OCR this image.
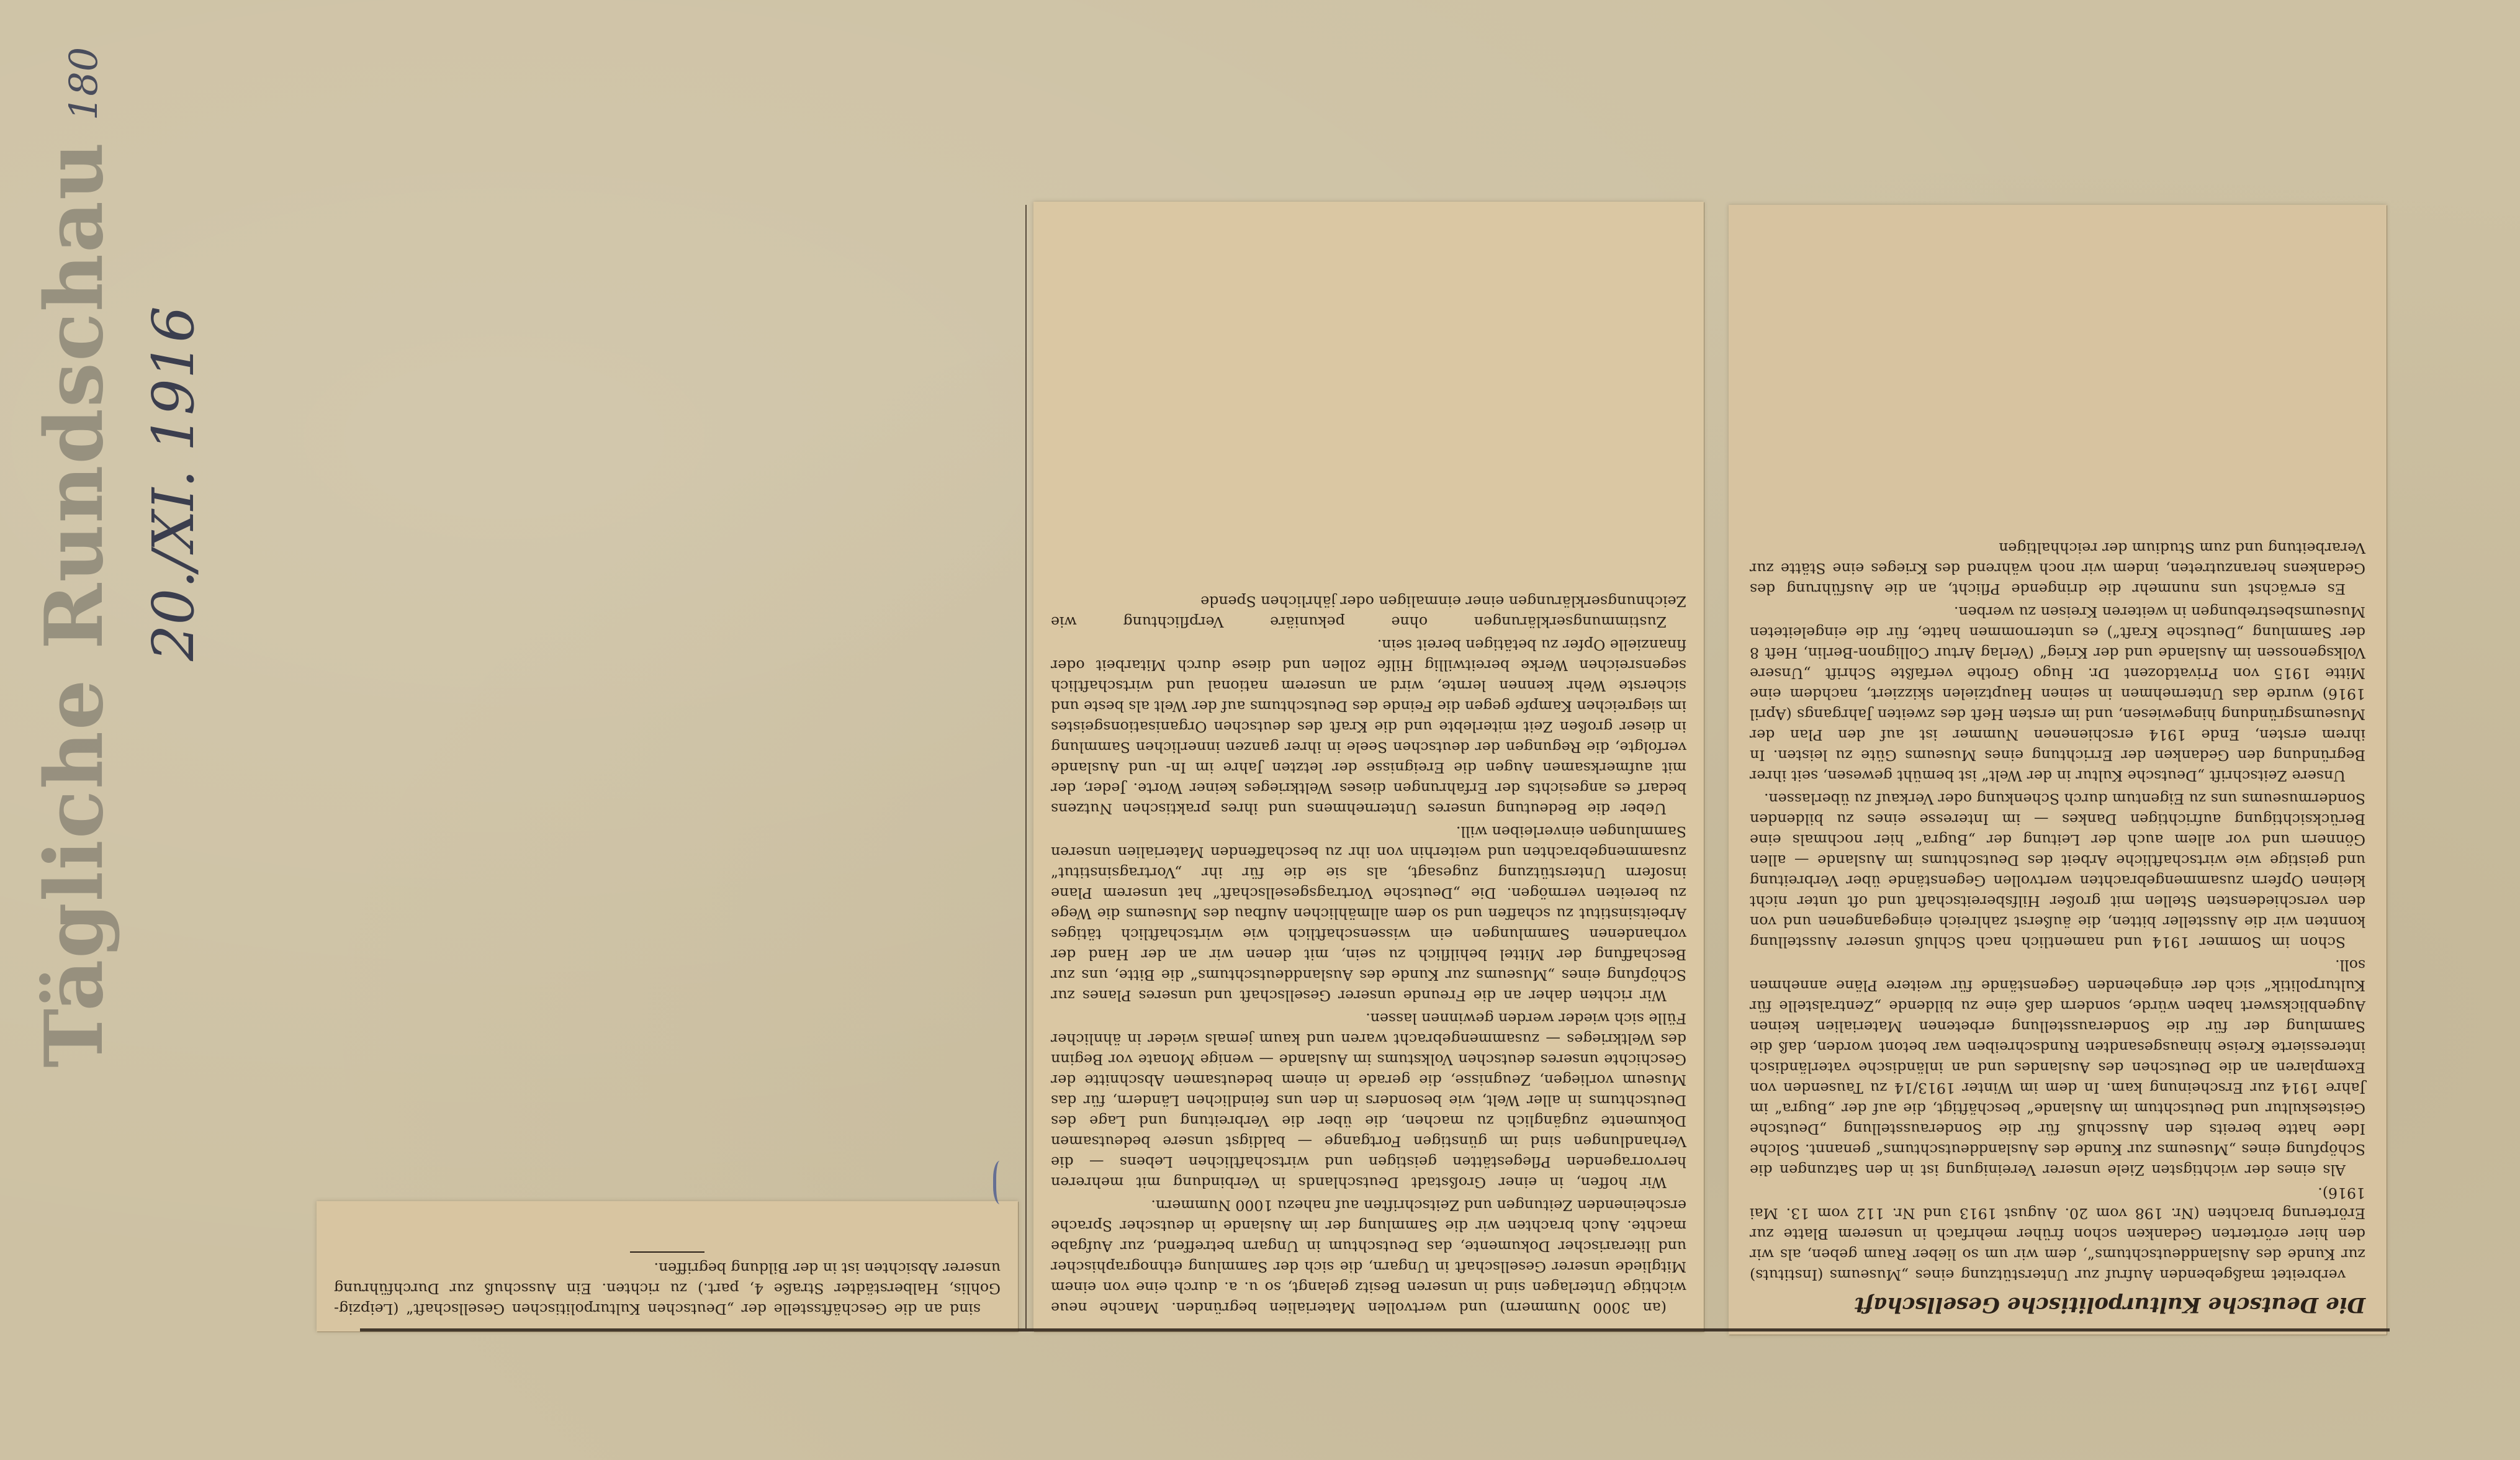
180
Tägliche Rundschau 20./XI. 1916
Die Deutsche Kulturpolitische Gesellschaft

verbreitet maßgebenden Aufruf zur Unterstützung eines „Museums (Instituts) zur Kunde des Auslanddeutschtums“, dem wir um so lieber Raum geben, als wir den hier erörterten Gedanken schon früher mehrfach in unserem Blatte zur Erörterung brachten (Nr. 198 vom 20. August 1913 und Nr. 112 vom 13. Mai 1916).

Als eines der wichtigsten Ziele unserer Vereinigung ist in den Satzungen die Schöpfung eines „Museums zur Kunde des Auslanddeutschtums“ genannt. Solche Idee hatte bereits den Ausschuß für die Sonderausstellung „Deutsche Geisteskultur und Deutschtum im Auslande“ beschäftigt, die auf der „Bugra“ im Jahre 1914 zur Erscheinung kam. In dem im Winter 1913/14 zu Tausenden von Exemplaren an die Deutschen des Auslandes und an inländische vaterländisch interessierte Kreise hinausgesandten Rundschreiben war betont worden, daß die Sammlung der für die Sonderausstellung erbetenen Materialien keinen Augenblickswert haben würde, sondern daß eine zu bildende „Zentralstelle für Kulturpolitik“ sich der eingehenden Gegenstände für weitere Pläne annehmen soll.

Schon im Sommer 1914 und namentlich nach Schluß unserer Ausstellung konnten wir die Aussteller bitten, die äußerst zahlreich eingegangenen und von den verschiedensten Stellen mit großer Hilfsbereitschaft und oft unter nicht kleinen Opfern zusammengebrachten wertvollen Gegenstände über Verbreitung und geistige wie wirtschaftliche Arbeit des Deutschtums im Auslande — allen Gönnern und vor allem auch der Leitung der „Bugra“ hier nochmals eine Berücksichtigung aufrichtigen Dankes — im Interesse eines zu bildenden Sondermuseums uns zu Eigentum durch Schenkung oder Verkauf zu überlassen.

Unsere Zeitschrift „Deutsche Kultur in der Welt“ ist bemüht gewesen, seit ihrer Begründung den Gedanken der Errichtung eines Museums Güte zu leisten. In ihrem ersten, Ende 1914 erschienenen Nummer ist auf den Plan der Museumsgründung hingewiesen, und im ersten Heft des zweiten Jahrgangs (April 1916) wurde das Unternehmen in seinen Hauptzielen skizziert, nachdem eine Mitte 1915 von Privatdozent Dr. Hugo Grothe verfaßte Schrift „Unsere Volksgenossen im Auslande und der Krieg“ (Verlag Artur Collignon-Berlin, Heft 8 der Sammlung „Deutsche Kraft“) es unternommen hatte, für die eingeleiteten Museumsbestrebungen in weiteren Kreisen zu werben.

Es erwächst uns nunmehr die dringende Pflicht, an die Ausführung des Gedankens heranzutreten, indem wir noch während des Krieges eine Stätte zur Verarbeitung und zum Studium der reichhaltigen

(an 3000 Nummern) und wertvollen Materialien begründen. Manche neue wichtige Unterlagen sind in unseren Besitz gelangt, so u. a. durch eine von einem Mitgliede unserer Gesellschaft in Ungarn, die sich der Sammlung ethnographischer und literarischer Dokumente, das Deutschtum in Ungarn betreffend, zur Aufgabe machte. Auch brachten wir die Sammlung der im Auslande in deutscher Sprache erscheinenden Zeitungen und Zeitschriften auf nahezu 1000 Nummern.

Wir hoffen, in einer Großstadt Deutschlands in Verbindung mit mehreren hervorragenden Pflegestätten geistigen und wirtschaftlichen Lebens — die Verhandlungen sind im günstigen Fortgange — baldigst unsere bedeutsamen Dokumente zugänglich zu machen, die über die Verbreitung und Lage des Deutschtums in aller Welt, wie besonders in den uns feindlichen Ländern, für das Museum vorliegen, Zeugnisse, die gerade in einem bedeutsamen Abschnitte der Geschichte unseres deutschen Volkstums im Auslande — wenige Monate vor Beginn des Weltkrieges — zusammengebracht waren und kaum jemals wieder in ähnlicher Fülle sich wieder werden gewinnen lassen.

Wir richten daher an die Freunde unserer Gesellschaft und unseres Planes zur Schöpfung eines „Museums zur Kunde des Auslanddeutschtums“ die Bitte, uns zur Beschaffung der Mittel behilflich zu sein, mit denen wir an der Hand der vorhandenen Sammlungen ein wissenschaftlich wie wirtschaftlich tätiges Arbeitsinstitut zu schaffen und so dem allmählichen Aufbau des Museums die Wege zu bereiten vermögen. Die „Deutsche Vortragsgesellschaft“ hat unserem Plane insofern Unterstützung zugesagt, als sie die für ihr „Vortragsinstitut“ zusammengebrachten und weiterhin von ihr zu beschaffenden Materialien unseren Sammlungen einverleiben will.

Ueber die Bedeutung unseres Unternehmens und ihres praktischen Nutzens bedarf es angesichts der Erfahrungen dieses Weltkrieges keiner Worte. Jeder, der mit aufmerksamen Augen die Ereignisse der letzten Jahre im In- und Auslande verfolgte, die Regungen der deutschen Seele in ihrer ganzen innerlichen Sammlung in dieser großen Zeit miterlebte und die Kraft des deutschen Organisationsgeistes im siegreichen Kampfe gegen die Feinde des Deutschtums auf der Welt als beste und sicherste Wehr kennen lernte, wird an unserem national und wirtschaftlich segensreichen Werke bereitwillig Hilfe zollen und diese durch Mitarbeit oder finanzielle Opfer zu betätigen bereit sein.

Zustimmungserklärungen ohne pekuniäre Verpflichtung wie Zeichnungserklärungen einer einmaligen oder jährlichen Spende

sind an die Geschäftsstelle der „Deutschen Kulturpolitischen Gesellschaft“ (Leipzig-Gohlis, Halberstädter Straße 4, part.) zu richten. Ein Ausschuß zur Durchführung unserer Absichten ist in der Bildung begriffen.
